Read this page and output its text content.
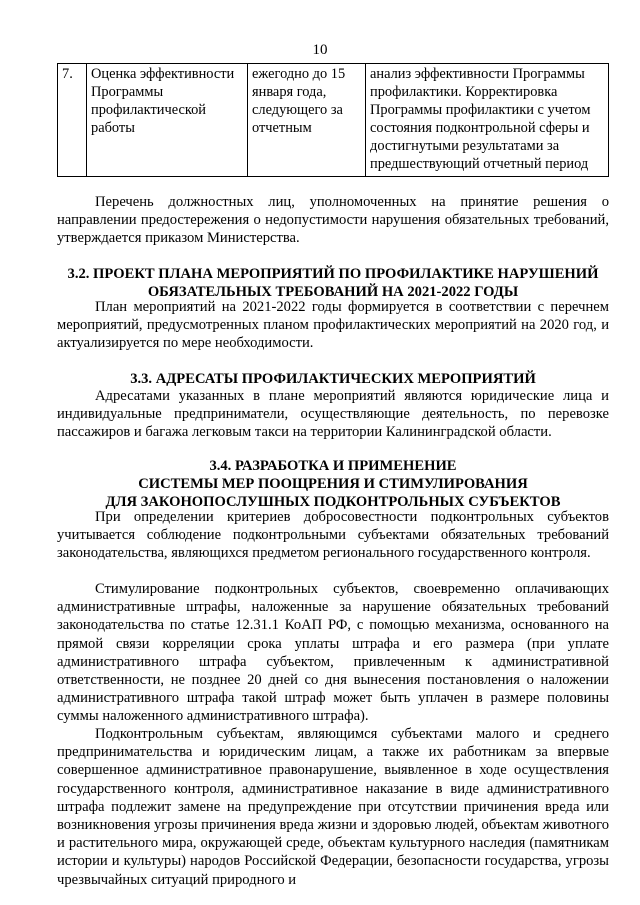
10
7.	Оценка эффективности Программы профилактической работы	ежегодно до 15 января года, следующего за отчетным	анализ эффективности Программы профилактики. Корректировка Программы профилактики с учетом состояния подконтрольной сферы и достигнутыми результатами за предшествующий отчетный период

Перечень должностных лиц, уполномоченных на принятие решения о направлении предостережения о недопустимости нарушения обязательных требований, утверждается приказом Министерства.

3.2. ПРОЕКТ ПЛАНА МЕРОПРИЯТИЙ ПО ПРОФИЛАКТИКЕ НАРУШЕНИЙ
ОБЯЗАТЕЛЬНЫХ ТРЕБОВАНИЙ НА 2021-2022 ГОДЫ

План мероприятий на 2021-2022 годы формируется в соответствии с перечнем мероприятий, предусмотренных планом профилактических мероприятий на 2020 год, и актуализируется по мере необходимости.

3.3. АДРЕСАТЫ ПРОФИЛАКТИЧЕСКИХ МЕРОПРИЯТИЙ

Адресатами указанных в плане мероприятий являются юридические лица и индивидуальные предприниматели, осуществляющие деятельность, по перевозке пассажиров и багажа легковым такси на территории Калининградской области.

3.4. РАЗРАБОТКА И ПРИМЕНЕНИЕ
СИСТЕМЫ МЕР ПООЩРЕНИЯ И СТИМУЛИРОВАНИЯ
ДЛЯ ЗАКОНОПОСЛУШНЫХ ПОДКОНТРОЛЬНЫХ СУБЪЕКТОВ

При определении критериев добросовестности подконтрольных субъектов учитывается соблюдение подконтрольными субъектами обязательных требований законодательства, являющихся предметом регионального государственного контроля.

Стимулирование подконтрольных субъектов, своевременно оплачивающих административные штрафы, наложенные за нарушение обязательных требований законодательства по статье 12.31.1 КоАП РФ, с помощью механизма, основанного на прямой связи корреляции срока уплаты штрафа и его размера (при уплате административного штрафа субъектом, привлеченным к административной ответственности, не позднее 20 дней со дня вынесения постановления о наложении административного штрафа такой штраф может быть уплачен в размере половины суммы наложенного административного штрафа).

Подконтрольным субъектам, являющимся субъектами малого и среднего предпринимательства и юридическим лицам, а также их работникам за впервые совершенное административное правонарушение, выявленное в ходе осуществления государственного контроля, административное наказание в виде административного штрафа подлежит замене на предупреждение при отсутствии причинения вреда или возникновения угрозы причинения вреда жизни и здоровью людей, объектам животного и растительного мира, окружающей среде, объектам культурного наследия (памятникам истории и культуры) народов Российской Федерации, безопасности государства, угрозы чрезвычайных ситуаций природного и
